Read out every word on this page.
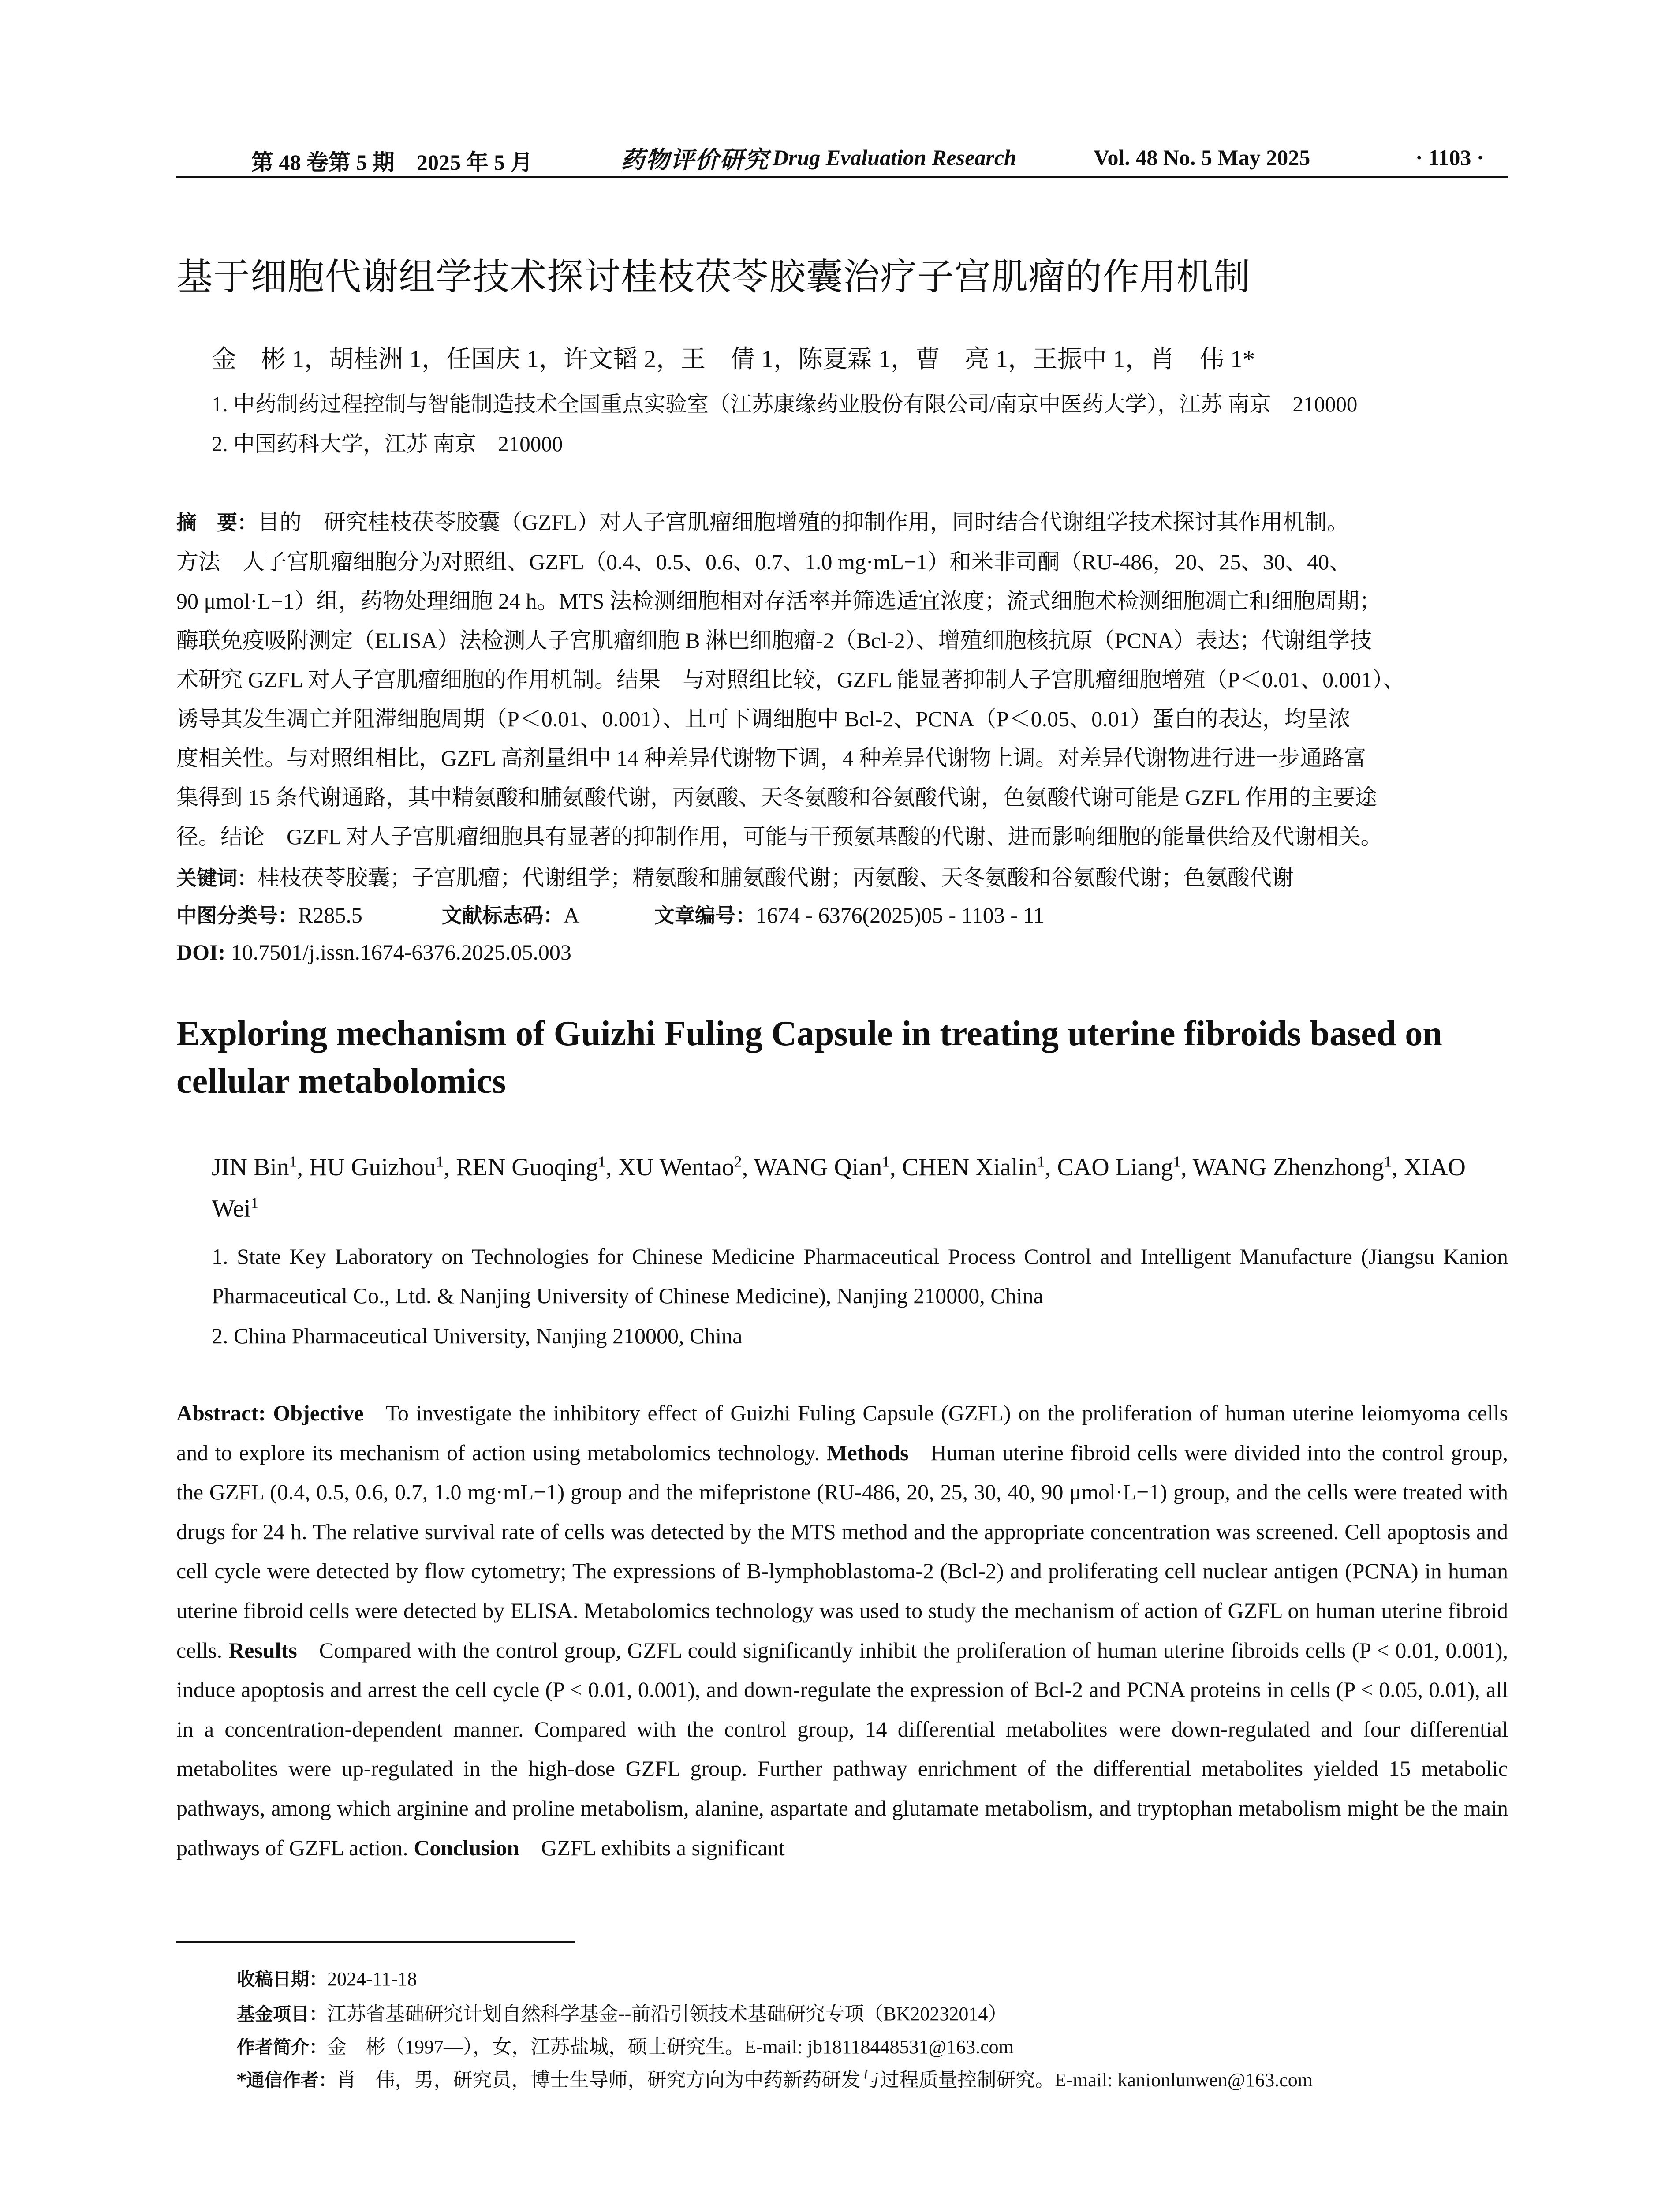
第 48 卷第 5 期　2025 年 5 月	药物评价研究 Drug Evaluation Research	Vol. 48 No. 5 May 2025	· 1103 ·
基于细胞代谢组学技术探讨桂枝茯苓胶囊治疗子宫肌瘤的作用机制
金　彬 1，胡桂洲 1，任国庆 1，许文韬 2，王　倩 1，陈夏霖 1，曹　亮 1，王振中 1，肖　伟 1*
1. 中药制药过程控制与智能制造技术全国重点实验室（江苏康缘药业股份有限公司/南京中医药大学），江苏 南京　210000
2. 中国药科大学，江苏 南京　210000
摘　要：目的　研究桂枝茯苓胶囊（GZFL）对人子宫肌瘤细胞增殖的抑制作用，同时结合代谢组学技术探讨其作用机制。
方法　人子宫肌瘤细胞分为对照组、GZFL（0.4、0.5、0.6、0.7、1.0 mg·mL−1）和米非司酮（RU-486，20、25、30、40、
90 μmol·L−1）组，药物处理细胞 24 h。MTS 法检测细胞相对存活率并筛选适宜浓度；流式细胞术检测细胞凋亡和细胞周期；
酶联免疫吸附测定（ELISA）法检测人子宫肌瘤细胞 B 淋巴细胞瘤-2（Bcl-2）、增殖细胞核抗原（PCNA）表达；代谢组学技
术研究 GZFL 对人子宫肌瘤细胞的作用机制。结果　与对照组比较，GZFL 能显著抑制人子宫肌瘤细胞增殖（P＜0.01、0.001）、
诱导其发生凋亡并阻滞细胞周期（P＜0.01、0.001）、且可下调细胞中 Bcl-2、PCNA（P＜0.05、0.01）蛋白的表达，均呈浓
度相关性。与对照组相比，GZFL 高剂量组中 14 种差异代谢物下调，4 种差异代谢物上调。对差异代谢物进行进一步通路富
集得到 15 条代谢通路，其中精氨酸和脯氨酸代谢，丙氨酸、天冬氨酸和谷氨酸代谢，色氨酸代谢可能是 GZFL 作用的主要途
径。结论　GZFL 对人子宫肌瘤细胞具有显著的抑制作用，可能与干预氨基酸的代谢、进而影响细胞的能量供给及代谢相关。
关键词：桂枝茯苓胶囊；子宫肌瘤；代谢组学；精氨酸和脯氨酸代谢；丙氨酸、天冬氨酸和谷氨酸代谢；色氨酸代谢
中图分类号：R285.5	文献标志码：A	文章编号：1674 - 6376(2025)05 - 1103 - 11
DOI: 10.7501/j.issn.1674-6376.2025.05.003
Exploring mechanism of Guizhi Fuling Capsule in treating uterine fibroids based on cellular metabolomics
JIN Bin$^1$, HU Guizhou$^1$, REN Guoqing$^1$, XU Wentao$^2$, WANG Qian$^1$, CHEN Xialin$^1$, CAO Liang$^1$, WANG Zhenzhong$^1$, XIAO Wei$^1$
1. State Key Laboratory on Technologies for Chinese Medicine Pharmaceutical Process Control and Intelligent Manufacture (Jiangsu Kanion Pharmaceutical Co., Ltd. & Nanjing University of Chinese Medicine), Nanjing 210000, China
2. China Pharmaceutical University, Nanjing 210000, China
Abstract: Objective  To investigate the inhibitory effect of Guizhi Fuling Capsule (GZFL) on the proliferation of human uterine leiomyoma cells and to explore its mechanism of action using metabolomics technology. Methods  Human uterine fibroid cells were divided into the control group, the GZFL (0.4, 0.5, 0.6, 0.7, 1.0 mg·mL−1) group and the mifepristone (RU-486, 20, 25, 30, 40, 90 μmol·L−1) group, and the cells were treated with drugs for 24 h. The relative survival rate of cells was detected by the MTS method and the appropriate concentration was screened. Cell apoptosis and cell cycle were detected by flow cytometry; The expressions of B-lymphoblastoma-2 (Bcl-2) and proliferating cell nuclear antigen (PCNA) in human uterine fibroid cells were detected by ELISA. Metabolomics technology was used to study the mechanism of action of GZFL on human uterine fibroid cells. Results  Compared with the control group, GZFL could significantly inhibit the proliferation of human uterine fibroids cells (P < 0.01, 0.001), induce apoptosis and arrest the cell cycle (P < 0.01, 0.001), and down-regulate the expression of Bcl-2 and PCNA proteins in cells (P < 0.05, 0.01), all in a concentration-dependent manner. Compared with the control group, 14 differential metabolites were down-regulated and four differential metabolites were up-regulated in the high-dose GZFL group. Further pathway enrichment of the differential metabolites yielded 15 metabolic pathways, among which arginine and proline metabolism, alanine, aspartate and glutamate metabolism, and tryptophan metabolism might be the main pathways of GZFL action. Conclusion  GZFL exhibits a significant
收稿日期：2024-11-18
基金项目：江苏省基础研究计划自然科学基金--前沿引领技术基础研究专项（BK20232014）
作者简介：金　彬（1997—），女，江苏盐城，硕士研究生。E-mail: jb18118448531@163.com
*通信作者：肖　伟，男，研究员，博士生导师，研究方向为中药新药研发与过程质量控制研究。E-mail: kanionlunwen@163.com
